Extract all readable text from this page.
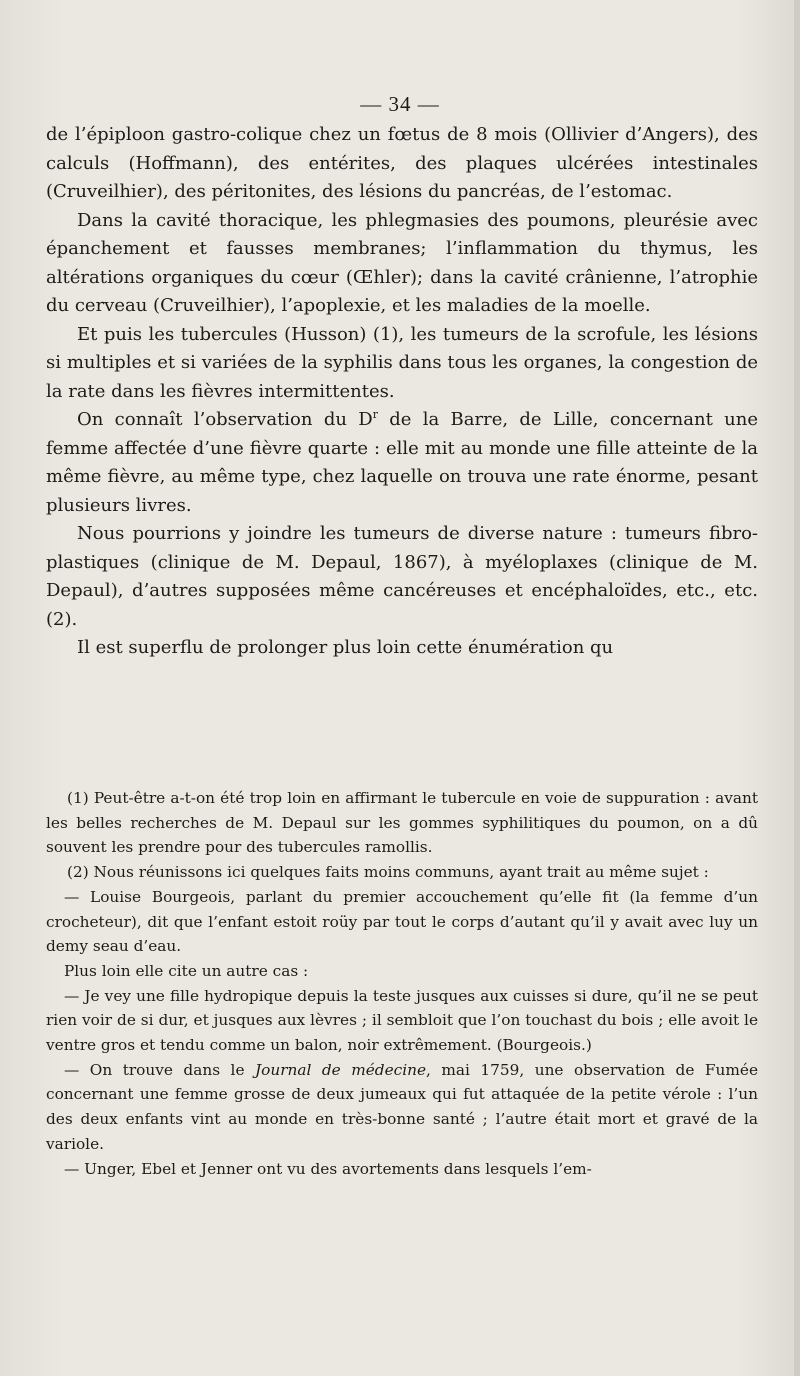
— 34 —

de l’épiploon gastro-colique chez un fœtus de 8 mois (Ollivier d’Angers), des calculs (Hoffmann), des entérites, des plaques ulcérées intestinales (Cruveilhier), des péritonites, des lésions du pancréas, de l’estomac.

Dans la cavité thoracique, les phlegmasies des poumons, pleurésie avec épanchement et fausses membranes; l’inflammation du thymus, les altérations organiques du cœur (Œhler); dans la cavité crânienne, l’atrophie du cerveau (Cruveilhier), l’apoplexie, et les maladies de la moelle.

Et puis les tubercules (Husson) (1), les tumeurs de la scrofule, les lésions si multiples et si variées de la syphilis dans tous les organes, la congestion de la rate dans les fièvres intermittentes.

On connaît l’observation du $D^r$ de la Barre, de Lille, concernant une femme affectée d’une fièvre quarte : elle mit au monde une fille atteinte de la même fièvre, au même type, chez laquelle on trouva une rate énorme, pesant plusieurs livres.

Nous pourrions y joindre les tumeurs de diverse nature : tumeurs fibro-plastiques (clinique de M. Depaul, 1867), à myéloplaxes (clinique de M. Depaul), d’autres supposées même cancéreuses et encéphaloïdes, etc., etc. (2).

Il est superflu de prolonger plus loin cette énumération qu

(1) Peut-être a-t-on été trop loin en affirmant le tubercule en voie de suppuration : avant les belles recherches de M. Depaul sur les gommes syphilitiques du poumon, on a dû souvent les prendre pour des tubercules ramollis.

(2) Nous réunissons ici quelques faits moins communs, ayant trait au même sujet :

— Louise Bourgeois, parlant du premier accouchement qu’elle fit (la femme d’un crocheteur), dit que l’enfant estoit roüy par tout le corps d’autant qu’il y avait avec luy un demy seau d’eau.

Plus loin elle cite un autre cas :

— Je vey une fille hydropique depuis la teste jusques aux cuisses si dure, qu’il ne se peut rien voir de si dur, et jusques aux lèvres ; il sembloit que l’on touchast du bois ; elle avoit le ventre gros et tendu comme un balon, noir extrêmement. (Bourgeois.)

— On trouve dans le Journal de médecine, mai 1759, une observation de Fumée concernant une femme grosse de deux jumeaux qui fut attaquée de la petite vérole : l’un des deux enfants vint au monde en très-bonne santé ; l’autre était mort et gravé de la variole.

— Unger, Ebel et Jenner ont vu des avortements dans lesquels l’em-
